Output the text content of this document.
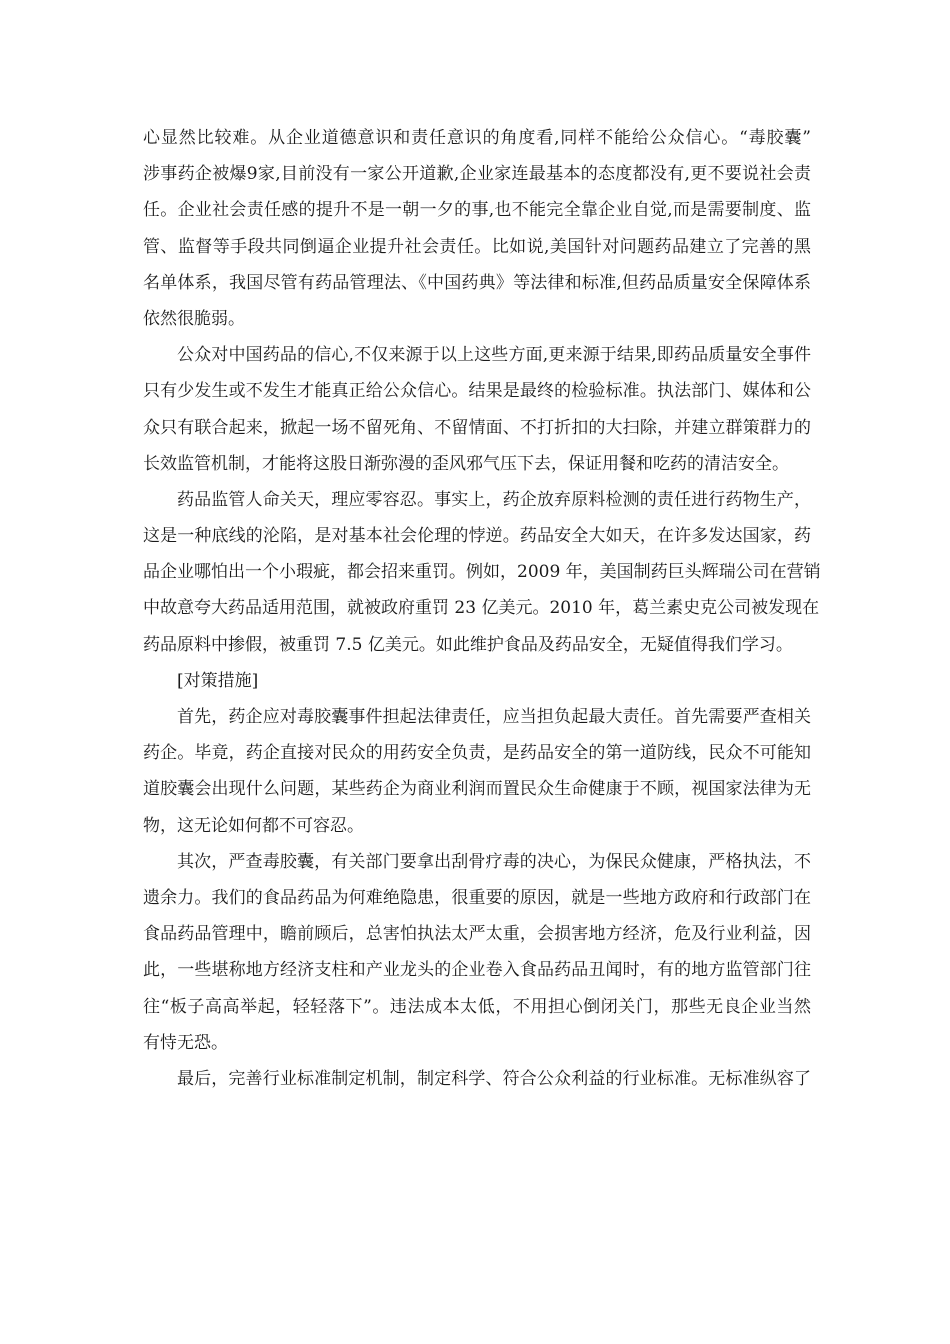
心显然比较难。从企业道德意识和责任意识的角度看,同样不能给公众信心。“毒胶囊”
涉事药企被爆9家,目前没有一家公开道歉,企业家连最基本的态度都没有,更不要说社会责
任。企业社会责任感的提升不是一朝一夕的事,也不能完全靠企业自觉,而是需要制度、监
管、监督等手段共同倒逼企业提升社会责任。比如说,美国针对问题药品建立了完善的黑
名单体系，我国尽管有药品管理法、《中国药典》等法律和标准,但药品质量安全保障体系
依然很脆弱。
公众对中国药品的信心,不仅来源于以上这些方面,更来源于结果,即药品质量安全事件
只有少发生或不发生才能真正给公众信心。结果是最终的检验标准。执法部门、媒体和公
众只有联合起来，掀起一场不留死角、不留情面、不打折扣的大扫除，并建立群策群力的
长效监管机制，才能将这股日渐弥漫的歪风邪气压下去，保证用餐和吃药的清洁安全。
药品监管人命关天，理应零容忍。事实上，药企放弃原料检测的责任进行药物生产，
这是一种底线的沦陷，是对基本社会伦理的悖逆。药品安全大如天，在许多发达国家，药
品企业哪怕出一个小瑕疵，都会招来重罚。例如，2009 年，美国制药巨头辉瑞公司在营销
中故意夸大药品适用范围，就被政府重罚 23 亿美元。2010 年，葛兰素史克公司被发现在
药品原料中掺假，被重罚 7.5 亿美元。如此维护食品及药品安全，无疑值得我们学习。
[对策措施]
首先，药企应对毒胶囊事件担起法律责任，应当担负起最大责任。首先需要严查相关
药企。毕竟，药企直接对民众的用药安全负责，是药品安全的第一道防线，民众不可能知
道胶囊会出现什么问题，某些药企为商业利润而置民众生命健康于不顾，视国家法律为无
物，这无论如何都不可容忍。
其次，严查毒胶囊，有关部门要拿出刮骨疗毒的决心，为保民众健康，严格执法，不
遗余力。我们的食品药品为何难绝隐患，很重要的原因，就是一些地方政府和行政部门在
食品药品管理中，瞻前顾后，总害怕执法太严太重，会损害地方经济，危及行业利益，因
此，一些堪称地方经济支柱和产业龙头的企业卷入食品药品丑闻时，有的地方监管部门往
往“板子高高举起，轻轻落下”。违法成本太低，不用担心倒闭关门，那些无良企业当然
有恃无恐。
最后，完善行业标准制定机制，制定科学、符合公众利益的行业标准。无标准纵容了
